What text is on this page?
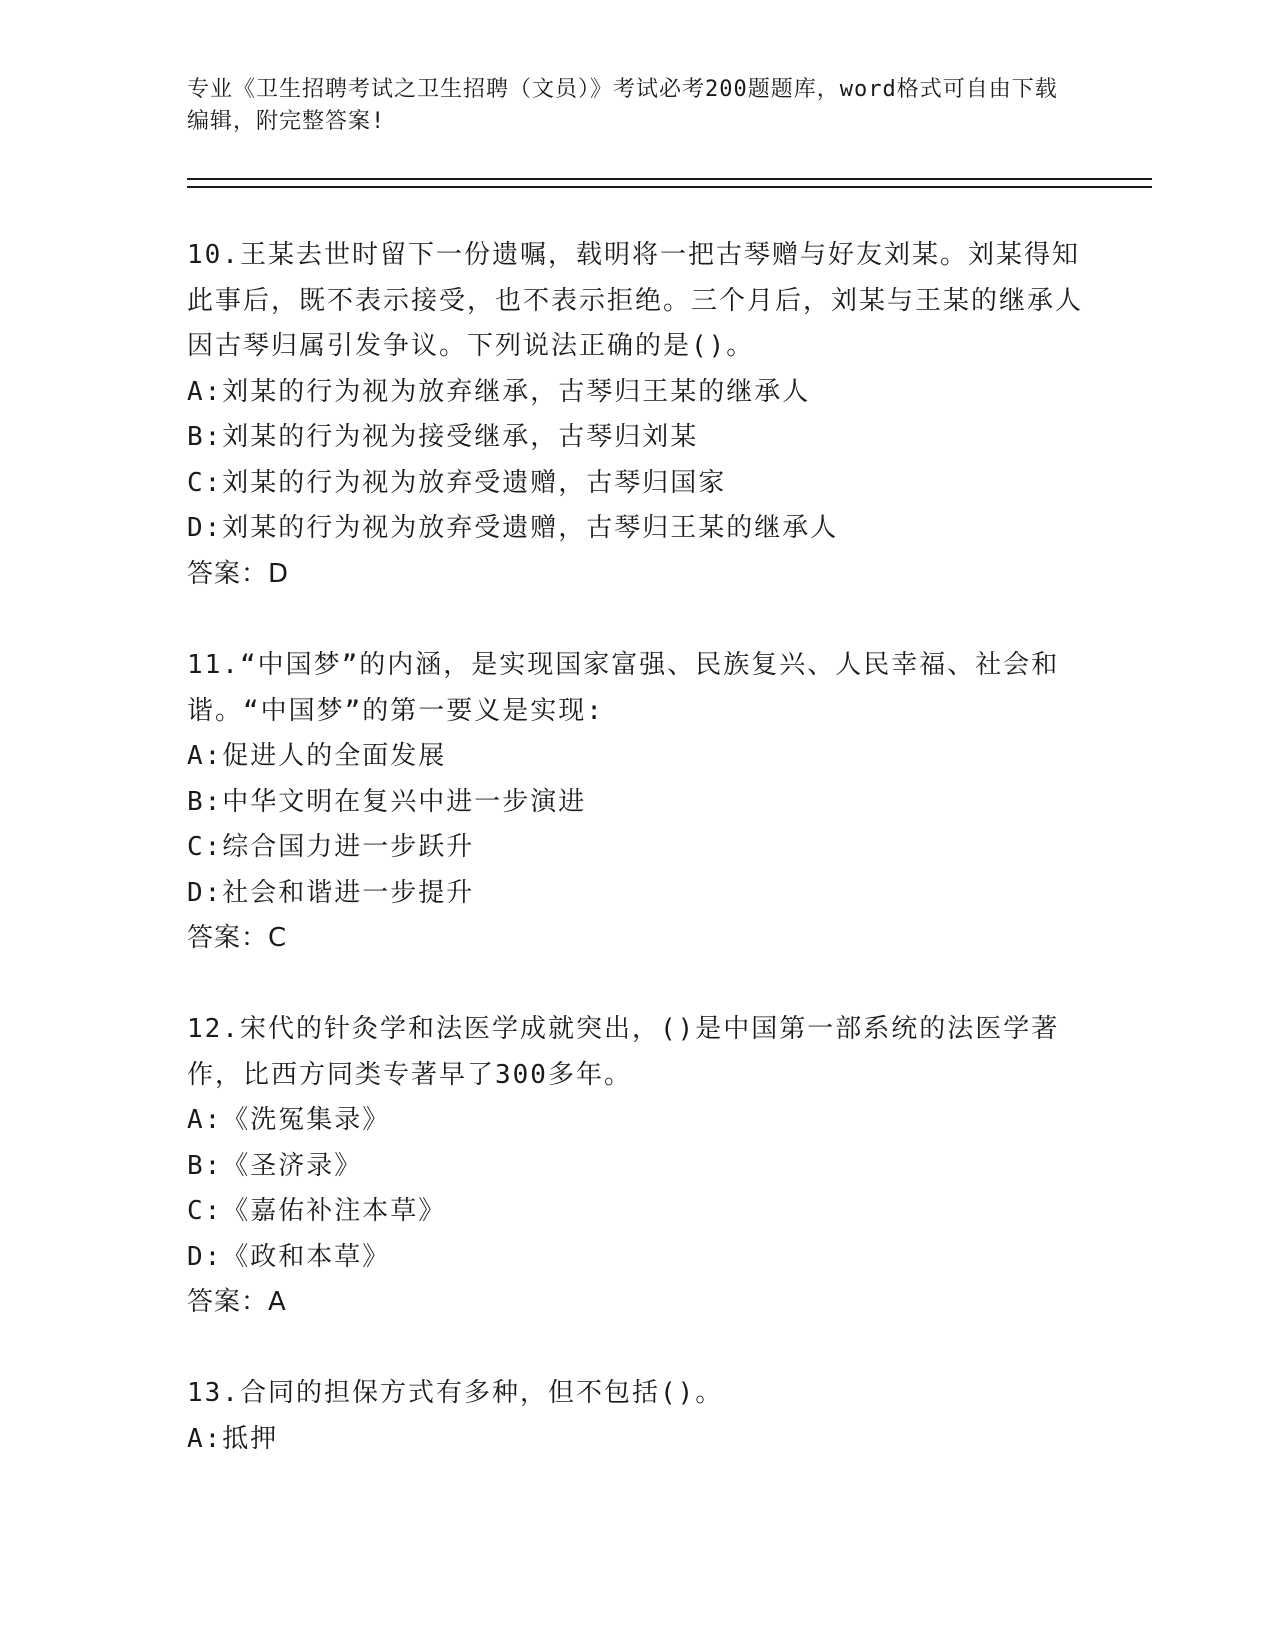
专业《卫生招聘考试之卫生招聘（文员）》考试必考200题题库，word格式可自由下载编辑，附完整答案!

10.王某去世时留下一份遗嘱，载明将一把古琴赠与好友刘某。刘某得知此事后，既不表示接受，也不表示拒绝。三个月后，刘某与王某的继承人因古琴归属引发争议。下列说法正确的是()。

A:刘某的行为视为放弃继承，古琴归王某的继承人

B:刘某的行为视为接受继承，古琴归刘某

C:刘某的行为视为放弃受遗赠，古琴归国家

D:刘某的行为视为放弃受遗赠，古琴归王某的继承人

答案：D

11.“中国梦”的内涵，是实现国家富强、民族复兴、人民幸福、社会和谐。“中国梦”的第一要义是实现:

A:促进人的全面发展

B:中华文明在复兴中进一步演进

C:综合国力进一步跃升

D:社会和谐进一步提升

答案：C

12.宋代的针灸学和法医学成就突出，()是中国第一部系统的法医学著作，比西方同类专著早了300多年。

A:《洗冤集录》

B:《圣济录》

C:《嘉佑补注本草》

D:《政和本草》

答案：A

13.合同的担保方式有多种，但不包括()。

A:抵押
